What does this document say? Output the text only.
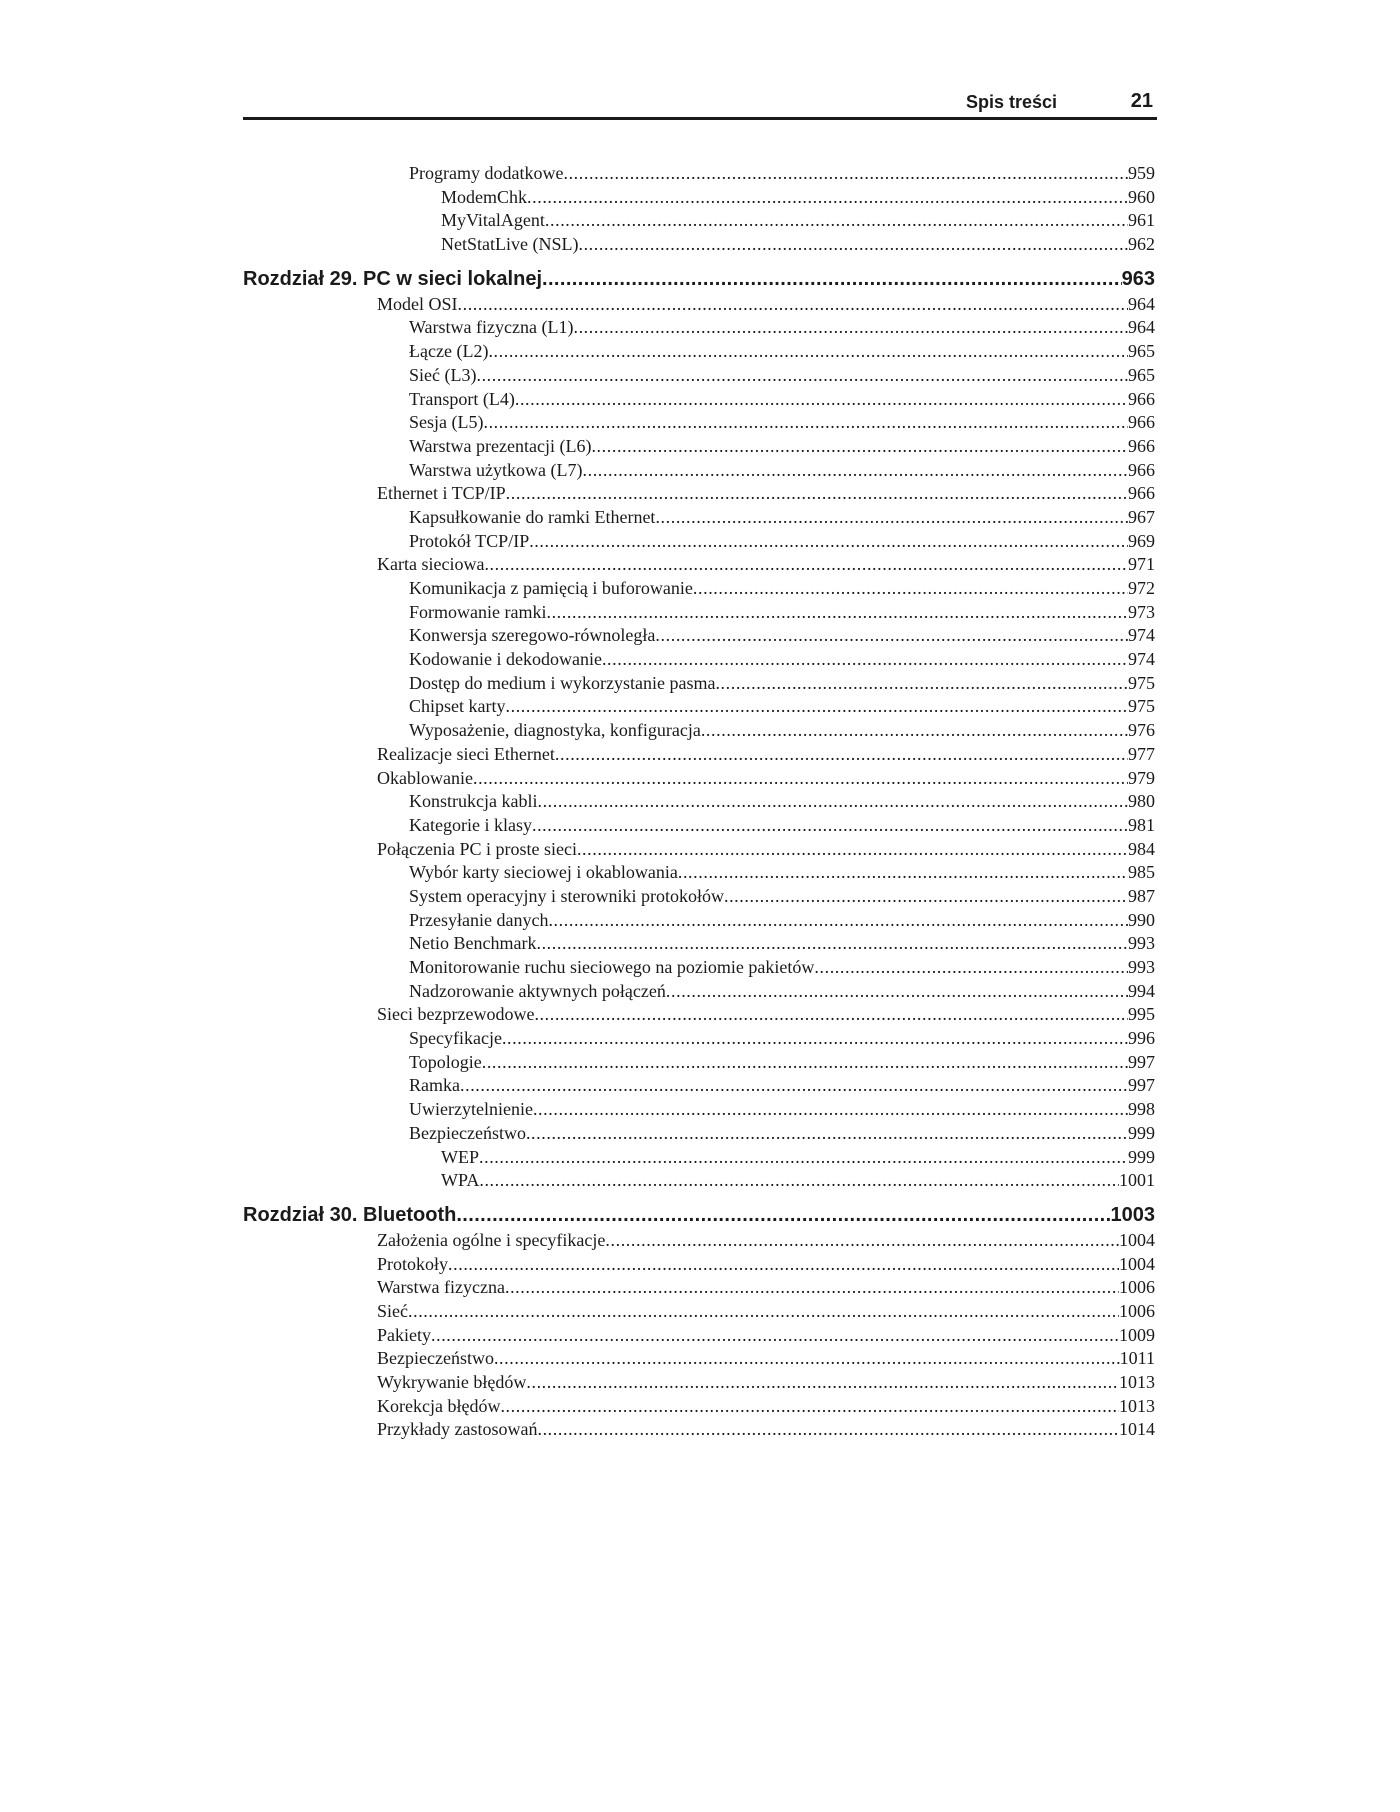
Spis treści	21
Programy dodatkowe .....	959
ModemChk .....	960
MyVitalAgent .....	961
NetStatLive (NSL) .....	962
Rozdział 29. PC w sieci lokalnej .....	963
Model OSI .....	964
Warstwa fizyczna (L1) .....	964
Łącze (L2) .....	965
Sieć (L3) .....	965
Transport (L4) .....	966
Sesja (L5) .....	966
Warstwa prezentacji (L6) .....	966
Warstwa użytkowa (L7) .....	966
Ethernet i TCP/IP .....	966
Kapsułkowanie do ramki Ethernet .....	967
Protokół TCP/IP .....	969
Karta sieciowa .....	971
Komunikacja z pamięcią i buforowanie .....	972
Formowanie ramki .....	973
Konwersja szeregowo-równoległa .....	974
Kodowanie i dekodowanie .....	974
Dostęp do medium i wykorzystanie pasma .....	975
Chipset karty .....	975
Wyposażenie, diagnostyka, konfiguracja .....	976
Realizacje sieci Ethernet .....	977
Okablowanie .....	979
Konstrukcja kabli .....	980
Kategorie i klasy .....	981
Połączenia PC i proste sieci .....	984
Wybór karty sieciowej i okablowania .....	985
System operacyjny i sterowniki protokołów .....	987
Przesyłanie danych .....	990
Netio Benchmark .....	993
Monitorowanie ruchu sieciowego na poziomie pakietów .....	993
Nadzorowanie aktywnych połączeń .....	994
Sieci bezprzewodowe .....	995
Specyfikacje .....	996
Topologie .....	997
Ramka .....	997
Uwierzytelnienie .....	998
Bezpieczeństwo .....	999
WEP .....	999
WPA .....	1001
Rozdział 30. Bluetooth .....	1003
Założenia ogólne i specyfikacje .....	1004
Protokoły .....	1004
Warstwa fizyczna .....	1006
Sieć .....	1006
Pakiety .....	1009
Bezpieczeństwo .....	1011
Wykrywanie błędów .....	1013
Korekcja błędów .....	1013
Przykłady zastosowań .....	1014
